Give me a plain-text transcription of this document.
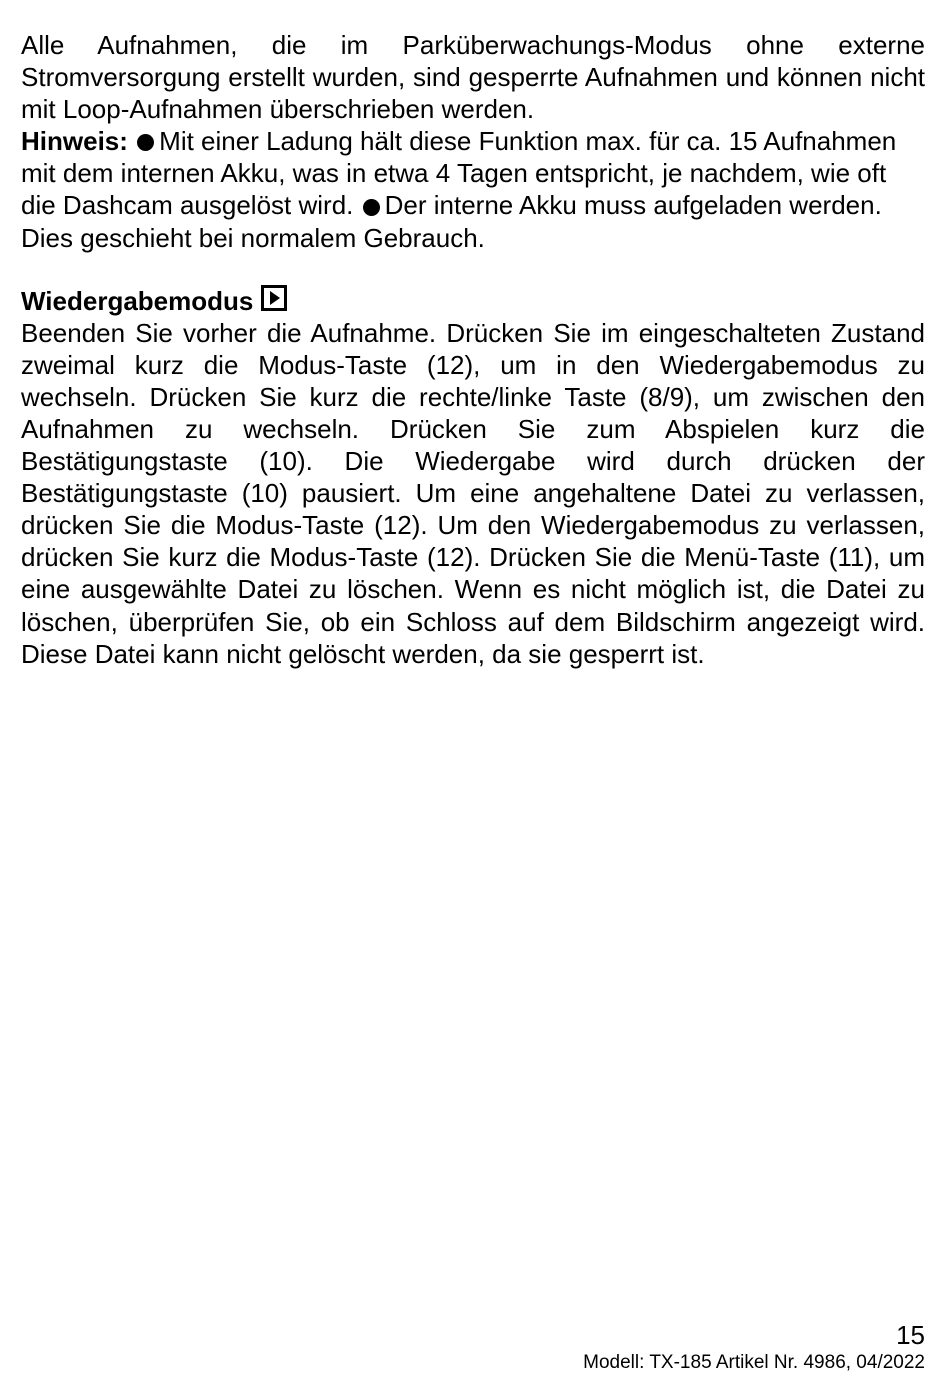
Alle Aufnahmen, die im Parküberwachungs-Modus ohne externe Stromversorgung erstellt wurden, sind gesperrte Aufnahmen und können nicht mit Loop-Aufnahmen überschrieben werden.

Hinweis: Mit einer Ladung hält diese Funktion max. für ca. 15 Aufnahmen mit dem internen Akku, was in etwa 4 Tagen entspricht, je nachdem, wie oft die Dashcam ausgelöst wird. Der interne Akku muss aufgeladen werden. Dies geschieht bei normalem Gebrauch.

Wiedergabemodus

Beenden Sie vorher die Aufnahme. Drücken Sie im eingeschalteten Zustand zweimal kurz die Modus-Taste (12), um in den Wiedergabemodus zu wechseln. Drücken Sie kurz die rechte/linke Taste (8/9), um zwischen den Aufnahmen zu wechseln. Drücken Sie zum Abspielen kurz die Bestätigungstaste (10). Die Wiedergabe wird durch drücken der Bestätigungstaste (10) pausiert. Um eine angehaltene Datei zu verlassen, drücken Sie die Modus-Taste (12). Um den Wiedergabemodus zu verlassen, drücken Sie kurz die Modus-Taste (12). Drücken Sie die Menü-Taste (11), um eine ausgewählte Datei zu löschen. Wenn es nicht möglich ist, die Datei zu löschen, überprüfen Sie, ob ein Schloss auf dem Bildschirm angezeigt wird. Diese Datei kann nicht gelöscht werden, da sie gesperrt ist.

15
Modell: TX-185 Artikel Nr. 4986, 04/2022
